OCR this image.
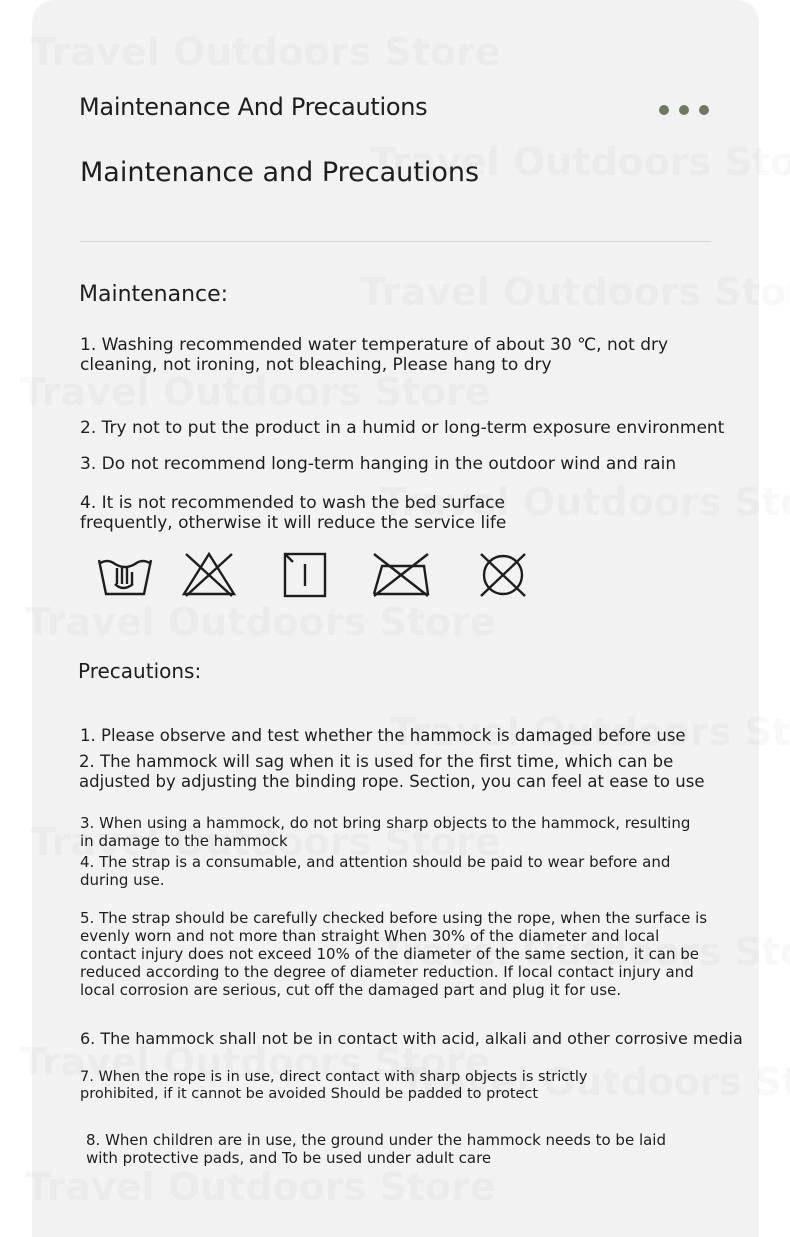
Maintenance And Precautions
Maintenance and Precautions
Maintenance:
1. Washing recommended water temperature of about 30 ℃, not dry cleaning, not ironing, not bleaching, Please hang to dry
2. Try not to put the product in a humid or long-term exposure environment
3. Do not recommend long-term hanging in the outdoor wind and rain
4. It is not recommended to wash the bed surface frequently, otherwise it will reduce the service life
Precautions:
1. Please observe and test whether the hammock is damaged before use
2. The hammock will sag when it is used for the first time, which can be adjusted by adjusting the binding rope. Section, you can feel at ease to use
3. When using a hammock, do not bring sharp objects to the hammock, resulting in damage to the hammock
4. The strap is a consumable, and attention should be paid to wear before and during use.
5. The strap should be carefully checked before using the rope, when the surface is evenly worn and not more than straight When 30% of the diameter and local contact injury does not exceed 10% of the diameter of the same section, it can be reduced according to the degree of diameter reduction. If local contact injury and local corrosion are serious, cut off the damaged part and plug it for use.
6. The hammock shall not be in contact with acid, alkali and other corrosive media
7. When the rope is in use, direct contact with sharp objects is strictly prohibited, if it cannot be avoided Should be padded to protect
8. When children are in use, the ground under the hammock needs to be laid with protective pads, and To be used under adult care
